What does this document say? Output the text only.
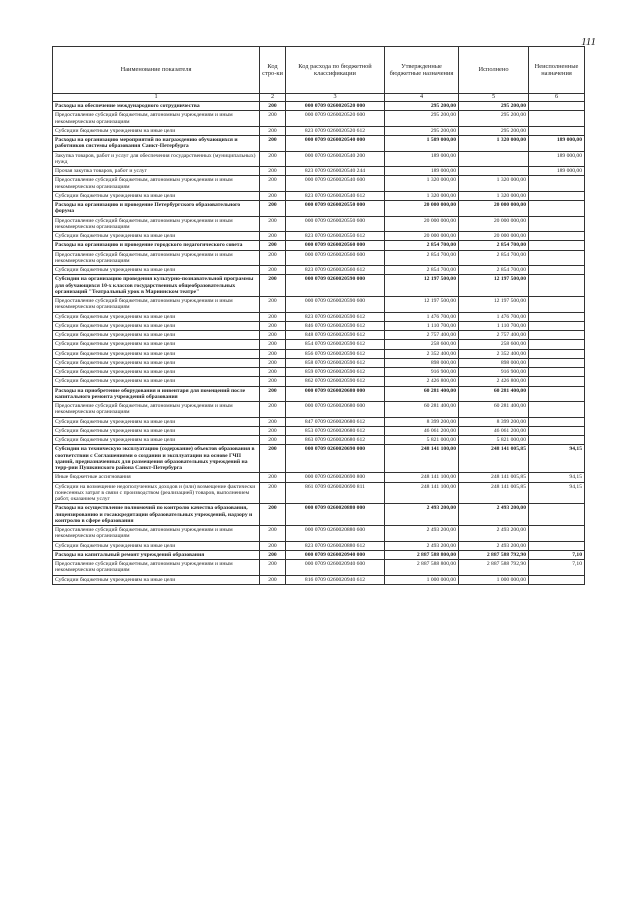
111
Наименование показателя	Код стро-ки	Код расхода по бюджетной классификации	Утвержденные бюджетные назначения	Исполнено	Неисполненные назначения
1	2	3	4	5	6
Расходы на обеспечение международного сотрудничества	200	000 0709 0260020520 000	295 200,00	295 200,00	
Предоставление субсидий бюджетным, автономным учреждениям и иным некоммерческим организациям	200	000 0709 0260020520 600	295 200,00	295 200,00	
Субсидии бюджетным учреждениям на иные цели	200	823 0709 0260020520 612	295 200,00	295 200,00	
Расходы на организацию мероприятий по награждению обучающихся и работников системы образования Санкт-Петербурга	200	000 0709 0260020540 000	1 509 000,00	1 320 000,00	189 000,00
Закупка товаров, работ и услуг для обеспечения государственных (муниципальных) нужд	200	000 0709 0260020540 200	189 000,00		189 000,00
Прочая закупка товаров, работ и услуг	200	823 0709 0260020540 244	189 000,00		189 000,00
Предоставление субсидий бюджетным, автономным учреждениям и иным некоммерческим организациям	200	000 0709 0260020540 600	1 320 000,00	1 320 000,00	
Субсидии бюджетным учреждениям на иные цели	200	823 0709 0260020540 612	1 320 000,00	1 320 000,00	
Расходы на организацию и проведение Петербургского образовательного форума	200	000 0709 0260020550 000	20 000 000,00	20 000 000,00	
Предоставление субсидий бюджетным, автономным учреждениям и иным некоммерческим организациям	200	000 0709 0260020550 600	20 000 000,00	20 000 000,00	
Субсидии бюджетным учреждениям на иные цели	200	823 0709 0260020550 612	20 000 000,00	20 000 000,00	
Расходы на организацию и проведение городского педагогического совета	200	000 0709 0260020560 000	2 854 700,00	2 854 700,00	
Предоставление субсидий бюджетным, автономным учреждениям и иным некоммерческим организациям	200	000 0709 0260020560 600	2 854 700,00	2 854 700,00	
Субсидии бюджетным учреждениям на иные цели	200	823 0709 0260020560 612	2 854 700,00	2 854 700,00	
Субсидии на организацию проведения культурно-познавательной программы для обучающихся 10-х классов государственных общеобразовательных организаций "Театральный урок в Мариинском театре"	200	000 0709 0260020590 000	12 197 500,00	12 197 500,00	
Предоставление субсидий бюджетным, автономным учреждениям и иным некоммерческим организациям	200	000 0709 0260020590 600	12 197 500,00	12 197 500,00	
Субсидии бюджетным учреждениям на иные цели	200	823 0709 0260020590 612	1 476 700,00	1 476 700,00	
Субсидии бюджетным учреждениям на иные цели	200	846 0709 0260020590 612	1 110 700,00	1 110 700,00	
Субсидии бюджетным учреждениям на иные цели	200	848 0709 0260020590 612	2 757 400,00	2 757 400,00	
Субсидии бюджетным учреждениям на иные цели	200	854 0709 0260020590 612	258 600,00	258 600,00	
Субсидии бюджетным учреждениям на иные цели	200	856 0709 0260020590 612	2 352 400,00	2 352 400,00	
Субсидии бюджетным учреждениям на иные цели	200	858 0709 0260020590 612	898 000,00	898 000,00	
Субсидии бюджетным учреждениям на иные цели	200	859 0709 0260020590 612	916 900,00	916 900,00	
Субсидии бюджетным учреждениям на иные цели	200	862 0709 0260020590 612	2 426 800,00	2 426 800,00	
Расходы на приобретение оборудования и инвентаря для помещений после капитального ремонта учреждений образования	200	000 0709 0260020680 000	60 281 400,00	60 281 400,00	
Предоставление субсидий бюджетным, автономным учреждениям и иным некоммерческим организациям	200	000 0709 0260020680 600	60 281 400,00	60 281 400,00	
Субсидии бюджетным учреждениям на иные цели	200	847 0709 0260020680 612	8 399 200,00	8 399 200,00	
Субсидии бюджетным учреждениям на иные цели	200	853 0709 0260020680 612	46 061 200,00	46 061 200,00	
Субсидии бюджетным учреждениям на иные цели	200	863 0709 0260020680 612	5 821 000,00	5 821 000,00	
Субсидии на техническую эксплуатацию (содержание) объектов образования в соответствии с Соглашениями о создании и эксплуатации на основе ГЧП зданий, предназначенных для размещения образовательных учреждений на терр-рии Пушкинского района Санкт-Петербурга	200	000 0709 0260020690 000	248 141 100,00	248 141 005,85	94,15
Иные бюджетные ассигнования	200	000 0709 0260020690 800	248 141 100,00	248 141 005,85	94,15
Субсидии на возмещение недополученных доходов и (или) возмещение фактически понесенных затрат в связи с производством (реализацией) товаров, выполнением работ, оказанием услуг	200	861 0709 0260020690 811	248 141 100,00	248 141 005,85	94,15
Расходы на осуществление полномочий по контролю качества образования, лицензированию и госаккредитации образовательных учреждений, надзору и контролю в сфере образования	200	000 0709 0260020880 000	2 493 200,00	2 493 200,00	
Предоставление субсидий бюджетным, автономным учреждениям и иным некоммерческим организациям	200	000 0709 0260020880 600	2 493 200,00	2 493 200,00	
Субсидии бюджетным учреждениям на иные цели	200	823 0709 0260020880 612	2 493 200,00	2 493 200,00	
Расходы на капитальный ремонт учреждений образования	200	000 0709 0260020940 000	2 887 588 800,00	2 887 588 792,90	7,10
Предоставление субсидий бюджетным, автономным учреждениям и иным некоммерческим организациям	200	000 0709 0260020940 600	2 887 588 800,00	2 887 588 792,90	7,10
Субсидии бюджетным учреждениям на иные цели	200	816 0709 0260020940 612	1 000 000,00	1 000 000,00	
